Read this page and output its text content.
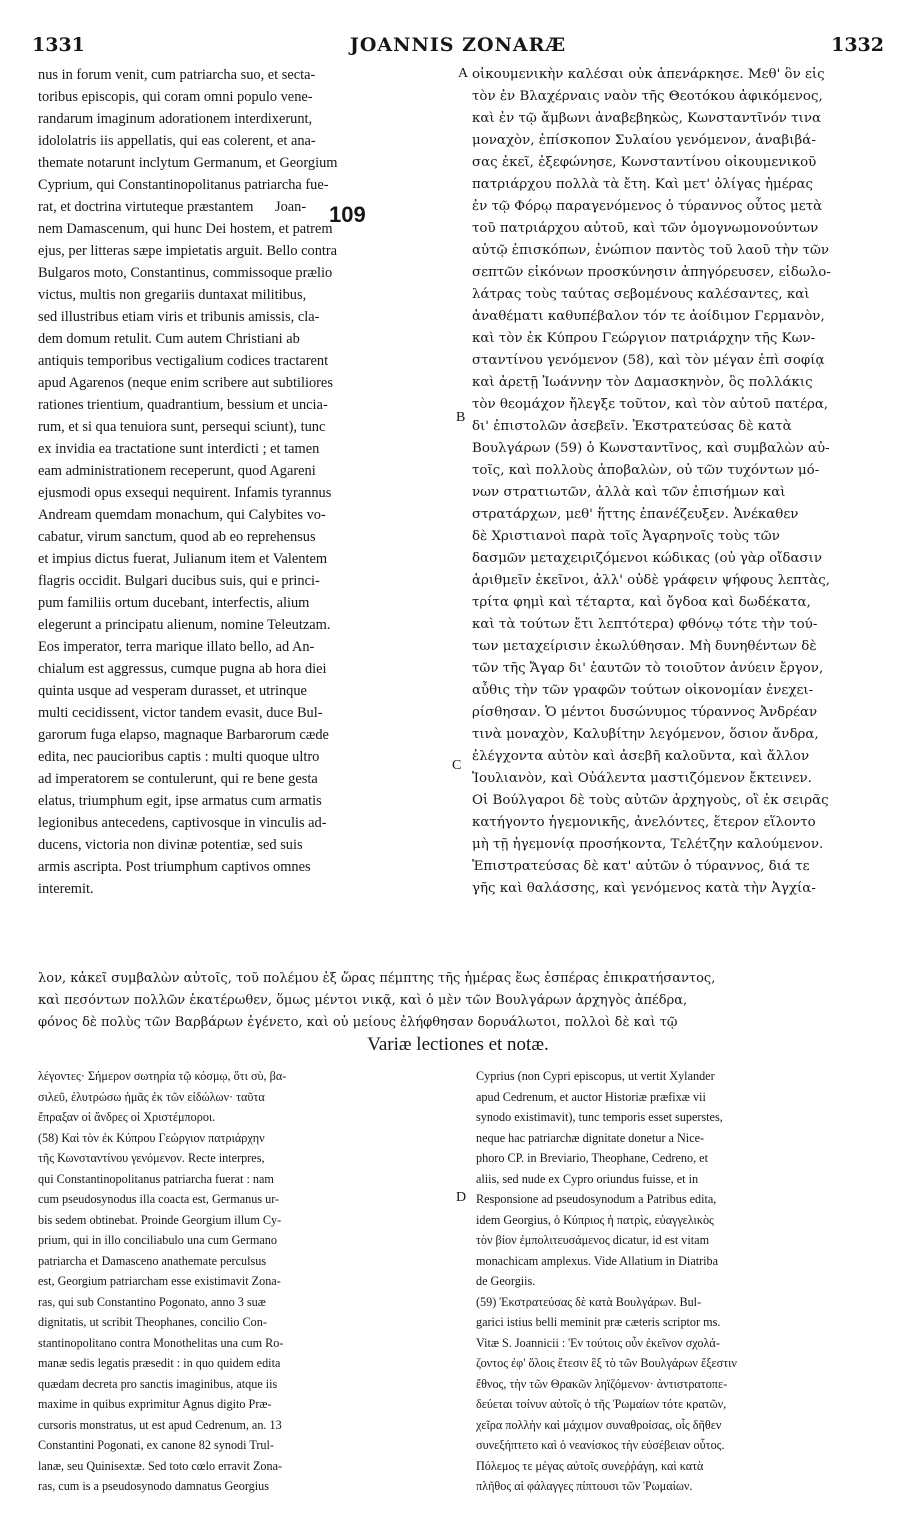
1331	JOANNIS ZONARÆ	1332
nus in forum venit, cum patriarcha suo, et secta-
toribus episcopis, qui coram omni populo vene-
randarum imaginum adorationem interdixerunt,
idololatris iis appellatis, qui eas colerent, et ana-
themate notarunt inclytum Germanum, et Georgium
Cyprium, qui Constantinopolitanus patriarcha fue-
rat, et doctrina virtuteque præstantem      Joan-
nem Damascenum, qui hunc Dei hostem, et patrem
ejus, per litteras sæpe impietatis arguit. Bello contra
Bulgaros moto, Constantinus, commissoque prælio
victus, multis non gregariis duntaxat militibus,
sed illustribus etiam viris et tribunis amissis, cla-
dem domum retulit. Cum autem Christiani ab
antiquis temporibus vectigalium codices tractarent
apud Agarenos (neque enim scribere aut subtiliores
rationes trientium, quadrantium, bessium et uncia-
rum, et si qua tenuiora sunt, persequi sciunt), tunc
ex invidia ea tractatione sunt interdicti ; et tamen
eam administrationem receperunt, quod Agareni
ejusmodi opus exsequi nequirent. Infamis tyrannus
Andream quemdam monachum, qui Calybites vo-
cabatur, virum sanctum, quod ab eo reprehensus
et impius dictus fuerat, Julianum item et Valentem
flagris occidit. Bulgari ducibus suis, qui e princi-
pum familiis ortum ducebant, interfectis, alium
elegerunt a principatu alienum, nomine Teleutzam.
Eos imperator, terra marique illato bello, ad An-
chialum est aggressus, cumque pugna ab hora diei
quinta usque ad vesperam durasset, et utrinque
multi cecidissent, victor tandem evasit, duce Bul-
garorum fuga elapso, magnaque Barbarorum cæde
edita, nec paucioribus captis : multi quoque ultro
ad imperatorem se contulerunt, qui re bene gesta
elatus, triumphum egit, ipse armatus cum armatis
legionibus antecedens, captivosque in vinculis ad-
ducens, victoria non divinæ potentiæ, sed suis
armis ascripta. Post triumphum captivos omnes
interemit.
109
A
B
C
D
οἰκουμενικὴν καλέσαι οὐκ ἀπενάρκησε. Μεθ' ὃν εἰς
τὸν ἐν Βλαχέρναις ναὸν τῆς Θεοτόκου ἀφικόμενος,
καὶ ἐν τῷ ἄμβωνι ἀναβεβηκὼς, Κωνσταντῖνόν τινα
μοναχὸν, ἐπίσκοπον Συλαίου γενόμενον, ἀναβιβά-
σας ἐκεῖ, ἐξεφώνησε, Κωνσταντίνου οἰκουμενικοῦ
πατριάρχου πολλὰ τὰ ἔτη. Καὶ μετ' ὀλίγας ἡμέρας
ἐν τῷ Φόρῳ παραγενόμενος ὁ τύραννος οὗτος μετὰ
τοῦ πατριάρχου αὐτοῦ, καὶ τῶν ὁμογνωμονούντων
αὐτῷ ἐπισκόπων, ἐνώπιον παντὸς τοῦ λαοῦ τὴν τῶν
σεπτῶν εἰκόνων προσκύνησιν ἀπηγόρευσεν, εἰδωλο-
λάτρας τοὺς ταύτας σεβομένους καλέσαντες, καὶ
ἀναθέματι καθυπέβαλον τόν τε ἀοίδιμον Γερμανὸν,
καὶ τὸν ἐκ Κύπρου Γεώργιον πατριάρχην τῆς Κων-
σταντίνου γενόμενον (58), καὶ τὸν μέγαν ἐπὶ σοφίᾳ
καὶ ἀρετῇ Ἰωάννην τὸν Δαμασκηνὸν, ὃς πολλάκις
τὸν θεομάχον ἤλεγξε τοῦτον, καὶ τὸν αὐτοῦ πατέρα,
δι' ἐπιστολῶν ἀσεβεῖν. Ἐκστρατεύσας δὲ κατὰ
Βουλγάρων (59) ὁ Κωνσταντῖνος, καὶ συμβαλὼν αὐ-
τοῖς, καὶ πολλοὺς ἀποβαλὼν, οὐ τῶν τυχόντων μό-
νων στρατιωτῶν, ἀλλὰ καὶ τῶν ἐπισήμων καὶ
στρατάρχων, μεθ' ἥττης ἐπανέζευξεν. Ἀνέκαθεν
δὲ Χριστιανοὶ παρὰ τοῖς Ἀγαρηνοῖς τοὺς τῶν
δασμῶν μεταχειριζόμενοι κώδικας (οὐ γὰρ οἴδασιν
ἀριθμεῖν ἐκεῖνοι, ἀλλ' οὐδὲ γράφειν ψήφους λεπτὰς,
τρίτα φημὶ καὶ τέταρτα, καὶ ὄγδοα καὶ δωδέκατα,
καὶ τὰ τούτων ἔτι λεπτότερα) φθόνῳ τότε τὴν τού-
των μεταχείρισιν ἐκωλύθησαν. Μὴ δυνηθέντων δὲ
τῶν τῆς Ἄγαρ δι' ἑαυτῶν τὸ τοιοῦτον ἀνύειν ἔργον,
αὖθις τὴν τῶν γραφῶν τούτων οἰκονομίαν ἐνεχει-
ρίσθησαν. Ὁ μέντοι δυσώνυμος τύραννος Ἀνδρέαν
τινὰ μοναχὸν, Καλυβίτην λεγόμενον, ὅσιον ἄνδρα,
ἐλέγχοντα αὐτὸν καὶ ἀσεβῆ καλοῦντα, καὶ ἄλλον
Ἰουλιανὸν, καὶ Οὐάλεντα μαστιζόμενον ἔκτεινεν.
Οἱ Βούλγαροι δὲ τοὺς αὐτῶν ἀρχηγοὺς, οἳ ἐκ σειρᾶς
κατήγοντο ἡγεμονικῆς, ἀνελόντες, ἕτερον εἵλοντο
μὴ τῇ ἡγεμονίᾳ προσήκοντα, Τελέτζην καλούμενον.
Ἐπιστρατεύσας δὲ κατ' αὐτῶν ὁ τύραννος, διά τε
γῆς καὶ θαλάσσης, καὶ γενόμενος κατὰ τὴν Ἀγχία-
λον, κἀκεῖ συμβαλὼν αὐτοῖς, τοῦ πολέμου ἐξ ὥρας πέμπτης τῆς ἡμέρας ἕως ἑσπέρας ἐπικρατήσαντος,
καὶ πεσόντων πολλῶν ἑκατέρωθεν, ὅμως μέντοι νικᾷ, καὶ ὁ μὲν τῶν Βουλγάρων ἀρχηγὸς ἀπέδρα,
φόνος δὲ πολὺς τῶν Βαρβάρων ἐγένετο, καὶ οὐ μείους ἐλήφθησαν δορυάλωτοι, πολλοὶ δὲ καὶ τῷ
Variæ lectiones et notæ.
λέγοντες· Σήμερον σωτηρία τῷ κόσμῳ, ὅτι σὺ, βα-
σιλεῦ, ἐλυτρώσω ἡμᾶς ἐκ τῶν εἰδώλων· ταῦτα
ἔπραξαν οἱ ἄνδρες οἱ Χριστέμποροι.
(58) Καὶ τὸν ἐκ Κύπρου Γεώργιον πατριάρχην
τῆς Κωνσταντίνου γενόμενον. Recte interpres,
qui Constantinopolitanus patriarcha fuerat : nam
cum pseudosynodus illa coacta est, Germanus ur-
bis sedem obtinebat. Proinde Georgium illum Cy-
prium, qui in illo conciliabulo una cum Germano
patriarcha et Damasceno anathemate perculsus
est, Georgium patriarcham esse existimavit Zona-
ras, qui sub Constantino Pogonato, anno 3 suæ
dignitatis, ut scribit Theophanes, concilio Con-
stantinopolitano contra Monothelitas una cum Ro-
manæ sedis legatis præsedit : in quo quidem edita
quædam decreta pro sanctis imaginibus, atque iis
maxime in quibus exprimitur Agnus digito Præ-
cursoris monstratus, ut est apud Cedrenum, an. 13
Constantini Pogonati, ex canone 82 synodi Trul-
lanæ, seu Quinisextæ. Sed toto cœlo erravit Zona-
ras, cum is a pseudosynodo damnatus Georgius
Cyprius (non Cypri episcopus, ut vertit Xylander
apud Cedrenum, et auctor Historiæ præfixæ vii
synodo existimavit), tunc temporis esset superstes,
neque hac patriarchæ dignitate donetur a Nice-
phoro CP. in Breviario, Theophane, Cedreno, et
aliis, sed nude ex Cypro oriundus fuisse, et in
Responsione ad pseudosynodum a Patribus edita,
idem Georgius, ὁ Κύπριος ἡ πατρὶς, εὐαγγελικὸς
τὸν βίον ἐμπολιτευσάμενος dicatur, id est vitam
monachicam amplexus. Vide Allatium in Diatriba
de Georgiis.
(59) Ἐκστρατεύσας δὲ κατὰ Βουλγάρων. Bul-
garici istius belli meminit præ cæteris scriptor ms.
Vitæ S. Joannicii : Ἐν τούτοις οὖν ἐκεῖνον σχολά-
ζοντος ἐφ' ὅλοις ἔτεσιν ἓξ τὸ τῶν Βουλγάρων ἔξεστιν
ἔθνος, τὴν τῶν Θρακῶν ληϊζόμενον· ἀντιστρατοπε-
δεύεται τοίνυν αὐτοῖς ὁ τῆς Ῥωμαίων τότε κρατῶν,
χεῖρα πολλὴν καὶ μάχιμον συναθροίσας, οἷς δῆθεν
συνεξήπτετο καὶ ὁ νεανίσκος τὴν εὐσέβειαν οὗτος.
Πόλεμος τε μέγας αὐτοῖς συνεῤῥάγη, καὶ κατὰ
πλῆθος αἱ φάλαγγες πίπτουσι τῶν Ῥωμαίων.
